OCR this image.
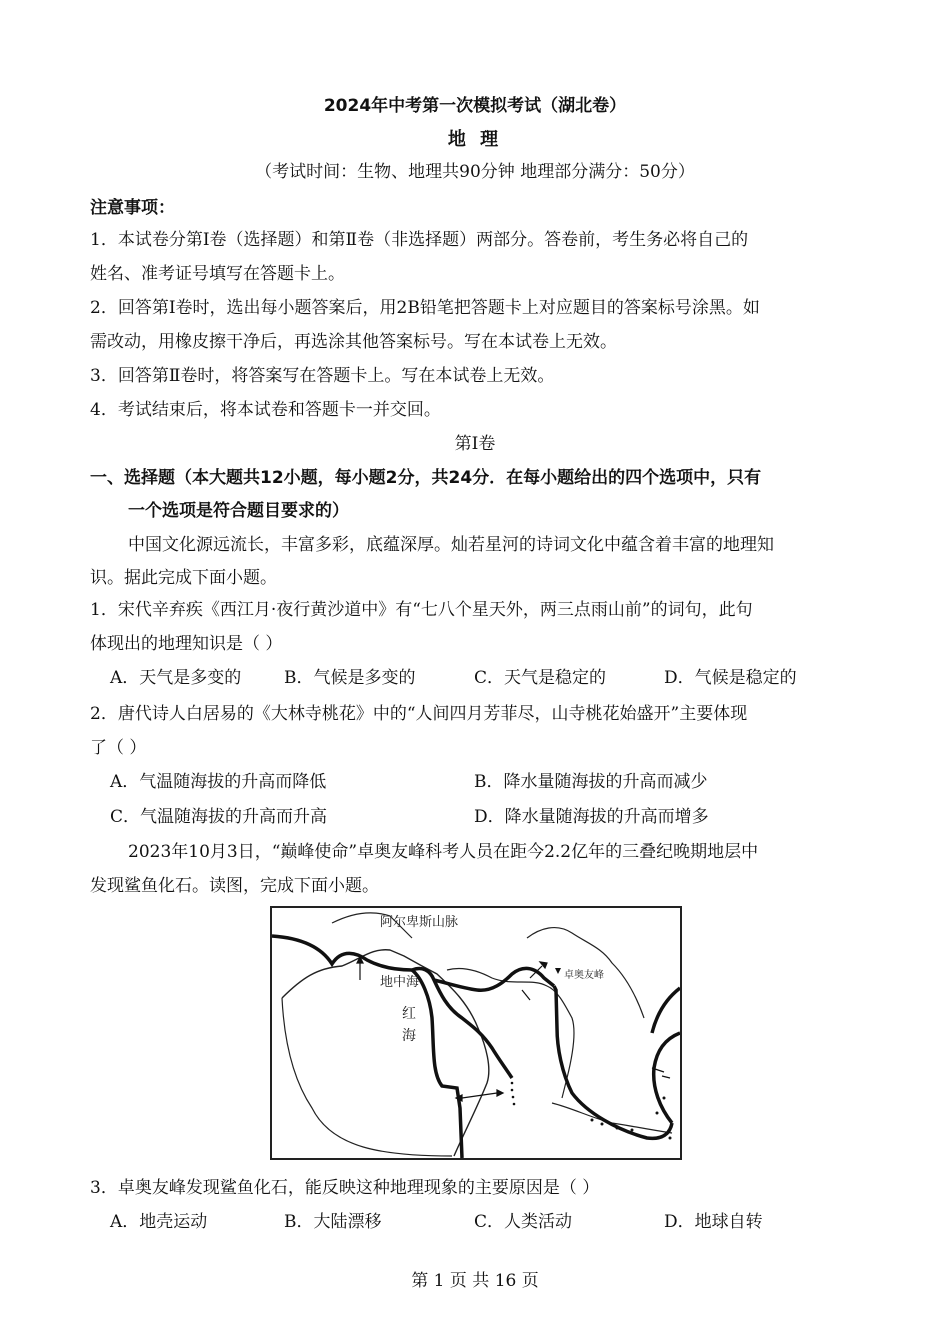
2024年中考第一次模拟考试（湖北卷）
地 理
（考试时间：生物、地理共90分钟 地理部分满分：50分）
注意事项：
1．本试卷分第Ⅰ卷（选择题）和第Ⅱ卷（非选择题）两部分。答卷前，考生务必将自己的
姓名、准考证号填写在答题卡上。
2．回答第Ⅰ卷时，选出每小题答案后，用2B铅笔把答题卡上对应题目的答案标号涂黑。如
需改动，用橡皮擦干净后，再选涂其他答案标号。写在本试卷上无效。
3．回答第Ⅱ卷时，将答案写在答题卡上。写在本试卷上无效。
4．考试结束后，将本试卷和答题卡一并交回。
第Ⅰ卷
一、选择题（本大题共12小题，每小题2分，共24分．在每小题给出的四个选项中，只有
一个选项是符合题目要求的）
中国文化源远流长，丰富多彩，底蕴深厚。灿若星河的诗词文化中蕴含着丰富的地理知
识。据此完成下面小题。
1．宋代辛弃疾《西江月·夜行黄沙道中》有“七八个星天外，两三点雨山前”的词句，此句
体现出的地理知识是（ ）
A．天气是多变的	B．气候是多变的	C．天气是稳定的	D．气候是稳定的
2．唐代诗人白居易的《大林寺桃花》中的“人间四月芳菲尽，山寺桃花始盛开”主要体现
了（ ）
A．气温随海拔的升高而降低	B．降水量随海拔的升高而减少
C．气温随海拔的升高而升高	D．降水量随海拔的升高而增多
2023年10月3日，“巅峰使命”卓奥友峰科考人员在距今2.2亿年的三叠纪晚期地层中
发现鲨鱼化石。读图，完成下面小题。
阿尔卑斯山脉
地中海
红
海
卓奥友峰
3．卓奥友峰发现鲨鱼化石，能反映这种地理现象的主要原因是（ ）
A．地壳运动	B．大陆漂移	C．人类活动	D．地球自转
第 1 页 共 16 页
